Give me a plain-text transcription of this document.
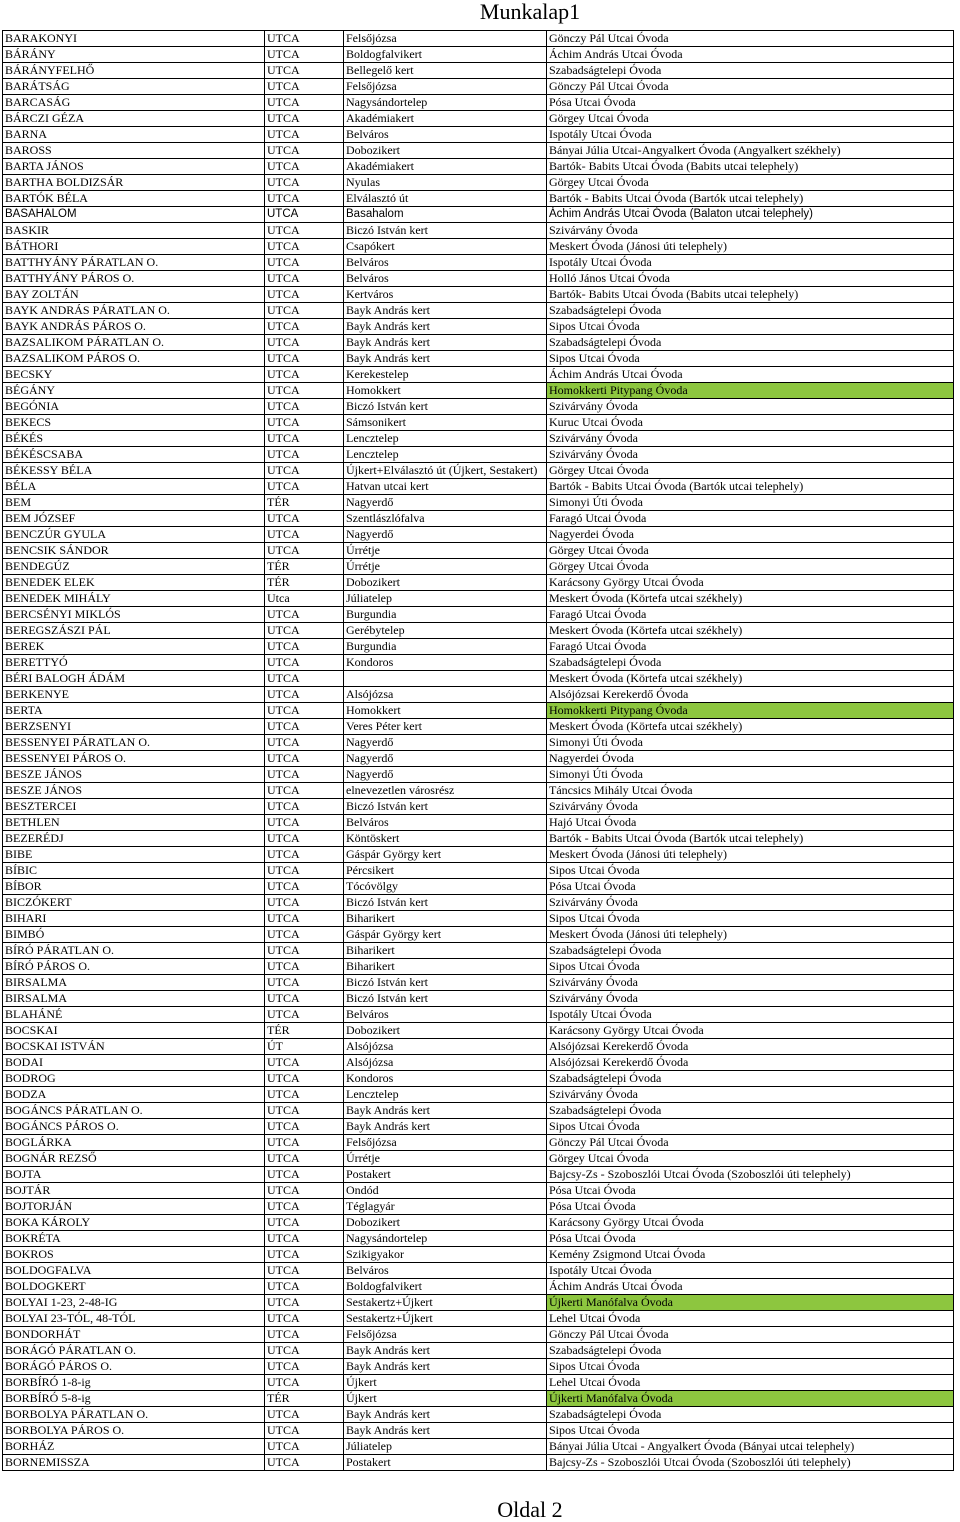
Munkalap1
BARAKONYI	UTCA	Felsőjózsa	Gönczy Pál Utcai Óvoda
BÁRÁNY	UTCA	Boldogfalvikert	Áchim András Utcai Óvoda
BÁRÁNYFELHŐ	UTCA	Bellegelő kert	Szabadságtelepi Óvoda
BARÁTSÁG	UTCA	Felsőjózsa	Gönczy Pál Utcai Óvoda
BARCASÁG	UTCA	Nagysándortelep	Pósa Utcai Óvoda
BÁRCZI GÉZA	UTCA	Akadémiakert	Görgey Utcai Óvoda
BARNA	UTCA	Belváros	Ispotály Utcai Óvoda
BAROSS	UTCA	Dobozikert	Bányai Júlia Utcai-Angyalkert Óvoda (Angyalkert székhely)
BARTA JÁNOS	UTCA	Akadémiakert	Bartók- Babits Utcai Óvoda (Babits utcai telephely)
BARTHA BOLDIZSÁR	UTCA	Nyulas	Görgey Utcai Óvoda
BARTÓK BÉLA	UTCA	Elválasztó út	Bartók - Babits Utcai Óvoda (Bartók utcai telephely)
BASAHALOM	UTCA	Basahalom	Áchim András Utcai Óvoda (Balaton utcai telephely)
BASKIR	UTCA	Biczó István kert	Szivárvány Óvoda
BÁTHORI	UTCA	Csapókert	Meskert Óvoda (Jánosi úti telephely)
BATTHYÁNY PÁRATLAN O.	UTCA	Belváros	Ispotály Utcai Óvoda
BATTHYÁNY PÁROS O.	UTCA	Belváros	Holló János Utcai Óvoda
BAY ZOLTÁN	UTCA	Kertváros	Bartók- Babits Utcai Óvoda (Babits utcai telephely)
BAYK ANDRÁS PÁRATLAN O.	UTCA	Bayk András kert	Szabadságtelepi Óvoda
BAYK ANDRÁS PÁROS O.	UTCA	Bayk András kert	Sipos Utcai Óvoda
BAZSALIKOM PÁRATLAN O.	UTCA	Bayk András kert	Szabadságtelepi Óvoda
BAZSALIKOM PÁROS O.	UTCA	Bayk András kert	Sipos Utcai Óvoda
BECSKY	UTCA	Kerekestelep	Áchim András Utcai Óvoda
BÉGÁNY	UTCA	Homokkert	Homokkerti Pitypang Óvoda
BEGÓNIA	UTCA	Biczó István kert	Szivárvány Óvoda
BEKECS	UTCA	Sámsonikert	Kuruc Utcai Óvoda
BÉKÉS	UTCA	Lencztelep	Szivárvány Óvoda
BÉKÉSCSABA	UTCA	Lencztelep	Szivárvány Óvoda
BÉKESSY BÉLA	UTCA	Újkert+Elválasztó út (Újkert, Sestakert)	Görgey Utcai Óvoda
BÉLA	UTCA	Hatvan utcai kert	Bartók - Babits Utcai Óvoda (Bartók utcai telephely)
BEM	TÉR	Nagyerdő	Simonyi Úti Óvoda
BEM JÓZSEF	UTCA	Szentlászlófalva	Faragó Utcai Óvoda
BENCZÚR GYULA	UTCA	Nagyerdő	Nagyerdei Óvoda
BENCSIK SÁNDOR	UTCA	Úrrétje	Görgey Utcai Óvoda
BENDEGÚZ	TÉR	Úrrétje	Görgey Utcai Óvoda
BENEDEK ELEK	TÉR	Dobozikert	Karácsony György Utcai Óvoda
BENEDEK MIHÁLY	Utca	Júliatelep	Meskert Óvoda (Körtefa utcai székhely)
BERCSÉNYI MIKLÓS	UTCA	Burgundia	Faragó Utcai Óvoda
BEREGSZÁSZI PÁL	UTCA	Gerébytelep	Meskert Óvoda (Körtefa utcai székhely)
BEREK	UTCA	Burgundia	Faragó Utcai Óvoda
BERETTYÓ	UTCA	Kondoros	Szabadságtelepi Óvoda
BÉRI BALOGH ÁDÁM	UTCA		Meskert Óvoda (Körtefa utcai székhely)
BERKENYE	UTCA	Alsójózsa	Alsójózsai Kerekerdő Óvoda
BERTA	UTCA	Homokkert	Homokkerti Pitypang Óvoda
BERZSENYI	UTCA	Veres Péter kert	Meskert Óvoda (Körtefa utcai székhely)
BESSENYEI PÁRATLAN O.	UTCA	Nagyerdő	Simonyi Úti Óvoda
BESSENYEI PÁROS O.	UTCA	Nagyerdő	Nagyerdei Óvoda
BESZE JÁNOS	UTCA	Nagyerdő	Simonyi Úti Óvoda
BESZE JÁNOS	UTCA	elnevezetlen városrész	Táncsics Mihály Utcai Óvoda
BESZTERCEI	UTCA	Biczó István kert	Szivárvány Óvoda
BETHLEN	UTCA	Belváros	Hajó Utcai Óvoda
BEZERÉDJ	UTCA	Köntöskert	Bartók - Babits Utcai Óvoda (Bartók utcai telephely)
BIBE	UTCA	Gáspár György kert	Meskert Óvoda (Jánosi úti telephely)
BÍBIC	UTCA	Pércsikert	Sipos Utcai Óvoda
BÍBOR	UTCA	Tócóvölgy	Pósa Utcai Óvoda
BICZÓKERT	UTCA	Biczó István kert	Szivárvány Óvoda
BIHARI	UTCA	Biharikert	Sipos Utcai Óvoda
BIMBÓ	UTCA	Gáspár György kert	Meskert Óvoda (Jánosi úti telephely)
BÍRÓ PÁRATLAN O.	UTCA	Biharikert	Szabadságtelepi Óvoda
BÍRÓ PÁROS O.	UTCA	Biharikert	Sipos Utcai Óvoda
BIRSALMA	UTCA	Biczó István kert	Szivárvány Óvoda
BIRSALMA	UTCA	Biczó István kert	Szivárvány Óvoda
BLAHÁNÉ	UTCA	Belváros	Ispotály Utcai Óvoda
BOCSKAI	TÉR	Dobozikert	Karácsony György Utcai Óvoda
BOCSKAI ISTVÁN	ÚT	Alsójózsa	Alsójózsai Kerekerdő Óvoda
BODAI	UTCA	Alsójózsa	Alsójózsai Kerekerdő Óvoda
BODROG	UTCA	Kondoros	Szabadságtelepi Óvoda
BODZA	UTCA	Lencztelep	Szivárvány Óvoda
BOGÁNCS PÁRATLAN O.	UTCA	Bayk András kert	Szabadságtelepi Óvoda
BOGÁNCS PÁROS O.	UTCA	Bayk András kert	Sipos Utcai Óvoda
BOGLÁRKA	UTCA	Felsőjózsa	Gönczy Pál Utcai Óvoda
BOGNÁR REZSŐ	UTCA	Úrrétje	Görgey Utcai Óvoda
BOJTA	UTCA	Postakert	Bajcsy-Zs - Szoboszlói Utcai Óvoda (Szoboszlói úti telephely)
BOJTÁR	UTCA	Ondód	Pósa Utcai Óvoda
BOJTORJÁN	UTCA	Téglagyár	Pósa Utcai Óvoda
BOKA KÁROLY	UTCA	Dobozikert	Karácsony György Utcai Óvoda
BOKRÉTA	UTCA	Nagysándortelep	Pósa Utcai Óvoda
BOKROS	UTCA	Szikigyakor	Kemény Zsigmond Utcai Óvoda
BOLDOGFALVA	UTCA	Belváros	Ispotály Utcai Óvoda
BOLDOGKERT	UTCA	Boldogfalvikert	Áchim András Utcai Óvoda
BOLYAI 1-23, 2-48-IG	UTCA	Sestakertz+Újkert	Újkerti Manófalva Óvoda
BOLYAI 23-TÓL, 48-TÓL	UTCA	Sestakertz+Újkert	Lehel Utcai Óvoda
BONDORHÁT	UTCA	Felsőjózsa	Gönczy Pál Utcai Óvoda
BORÁGÓ PÁRATLAN O.	UTCA	Bayk András kert	Szabadságtelepi Óvoda
BORÁGÓ PÁROS O.	UTCA	Bayk András kert	Sipos Utcai Óvoda
BORBÍRÓ 1-8-ig	UTCA	Újkert	Lehel Utcai Óvoda
BORBÍRÓ 5-8-ig	TÉR	Újkert	Újkerti Manófalva Óvoda
BORBOLYA PÁRATLAN O.	UTCA	Bayk András kert	Szabadságtelepi Óvoda
BORBOLYA PÁROS O.	UTCA	Bayk András kert	Sipos Utcai Óvoda
BORHÁZ	UTCA	Júliatelep	Bányai Júlia Utcai - Angyalkert Óvoda (Bányai utcai telephely)
BORNEMISSZA	UTCA	Postakert	Bajcsy-Zs - Szoboszlói Utcai Óvoda (Szoboszlói úti telephely)
Oldal 2
